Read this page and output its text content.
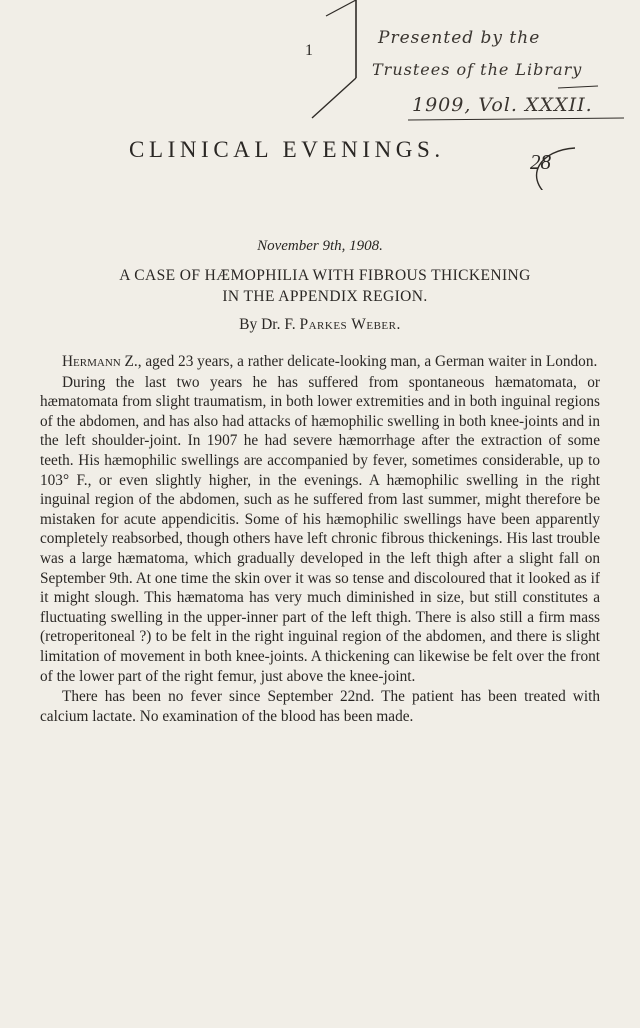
1
Presented by the
Trustees of the Library
1909, Vol. XXXII.
CLINICAL EVENINGS.	28
November 9th, 1908.
A CASE OF HÆMOPHILIA WITH FIBROUS THICKENING
IN THE APPENDIX REGION.
By Dr. F. Parkes Weber.

Hermann Z., aged 23 years, a rather delicate-looking man, a German waiter in London.

During the last two years he has suffered from spontaneous hæmatomata, or hæmatomata from slight traumatism, in both lower extremities and in both inguinal regions of the abdomen, and has also had attacks of hæmophilic swelling in both knee-joints and in the left shoulder-joint. In 1907 he had severe hæmorrhage after the extraction of some teeth. His hæmophilic swellings are accompanied by fever, sometimes considerable, up to 103° F., or even slightly higher, in the evenings. A hæmophilic swelling in the right inguinal region of the abdomen, such as he suffered from last summer, might therefore be mistaken for acute appendicitis. Some of his hæmophilic swellings have been apparently completely reabsorbed, though others have left chronic fibrous thickenings. His last trouble was a large hæmatoma, which gradually developed in the left thigh after a slight fall on September 9th. At one time the skin over it was so tense and discoloured that it looked as if it might slough. This hæmatoma has very much diminished in size, but still constitutes a fluctuating swelling in the upper-inner part of the left thigh. There is also still a firm mass (retroperitoneal ?) to be felt in the right inguinal region of the abdomen, and there is slight limitation of movement in both knee-joints. A thickening can likewise be felt over the front of the lower part of the right femur, just above the knee-joint.

There has been no fever since September 22nd. The patient has been treated with calcium lactate. No examination of the blood has been made.
